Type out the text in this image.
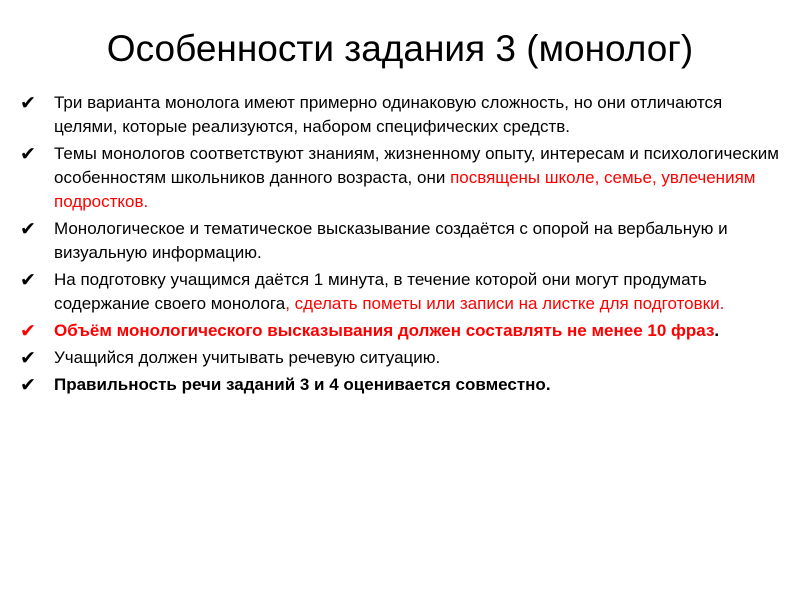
Особенности задания 3 (монолог)
✔	Три варианта монолога имеют примерно одинаковую сложность, но они отличаются целями, которые реализуются, набором специфических средств.
✔	Темы монологов соответствуют знаниям, жизненному опыту, интересам и психологическим особенностям школьников данного возраста, они посвящены школе, семье, увлечениям подростков.
✔	Монологическое и тематическое высказывание создаётся с опорой на вербальную и визуальную информацию.
✔	На подготовку учащимся даётся 1 минута, в течение которой они могут продумать содержание своего монолога, сделать пометы или записи на листке для подготовки.
✔	Объём монологического высказывания должен составлять не менее 10 фраз.
✔	Учащийся должен учитывать речевую ситуацию.
✔	Правильность речи заданий 3 и 4 оценивается совместно.
